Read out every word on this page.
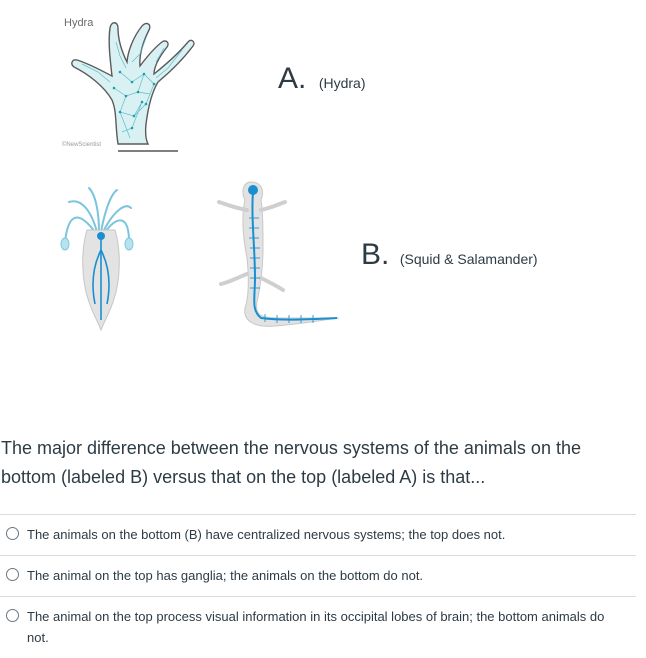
Hydra
©NewScientist
A. (Hydra)
B. (Squid & Salamander)
The major difference between the nervous systems of the animals on the bottom (labeled B) versus that on the top (labeled A) is that...
The animals on the bottom (B) have centralized nervous systems; the top does not.
The animal on the top has ganglia; the animals on the bottom do not.
The animal on the top process visual information in its occipital lobes of brain; the bottom animals do not.
